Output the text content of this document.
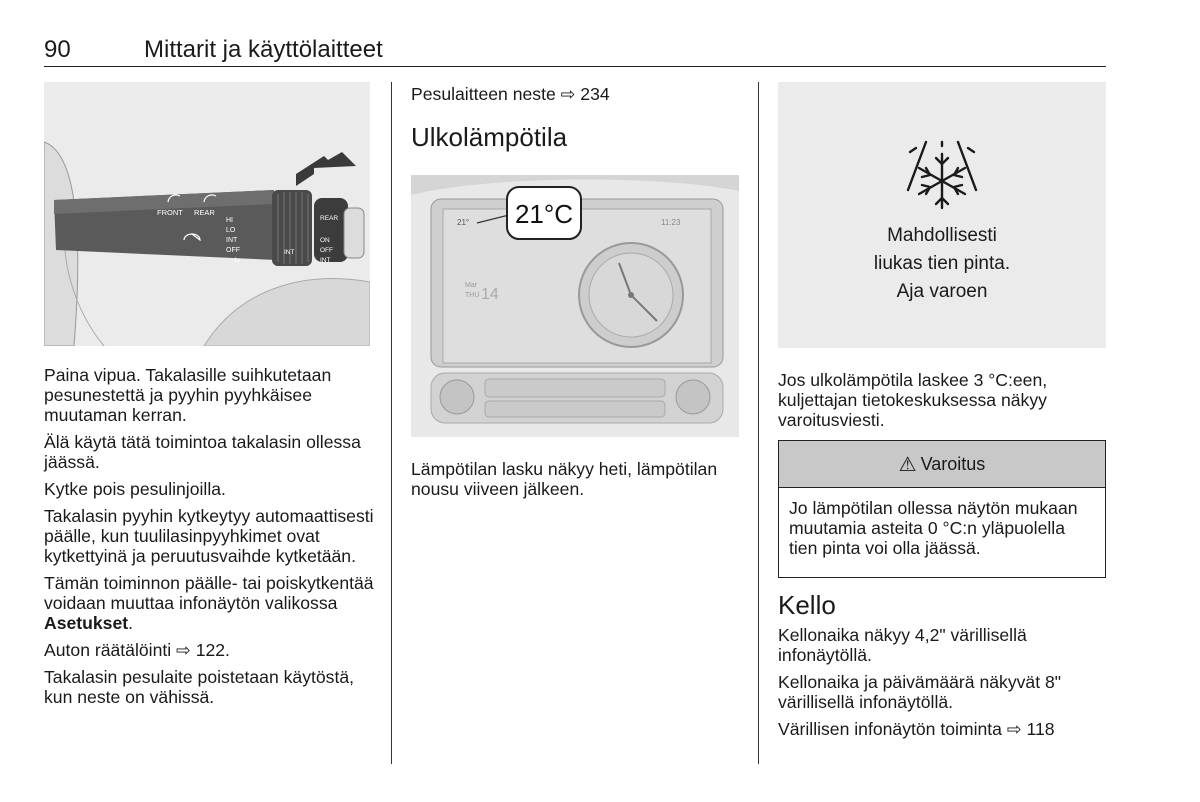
90	Mittarit ja käyttölaitteet
FRONT REAR
HI
LO
INT
OFF
1x
INT
REAR
ON
OFF
INT

Paina vipua. Takalasille suihkutetaan pesunestettä ja pyyhin pyyhkäisee muutaman kerran.

Älä käytä tätä toimintoa takalasin ollessa jäässä.

Kytke pois pesulinjoilla.

Takalasin pyyhin kytkeytyy automaattisesti päälle, kun tuulilasinpyyhkimet ovat kytkettyinä ja peruutusvaihde kytketään.

Tämän toiminnon päälle- tai poiskytkentää voidaan muuttaa infonäytön valikossa Asetukset.

Auton räätälöinti ⇨ 122.

Takalasin pesulaite poistetaan käytöstä, kun neste on vähissä.

Pesulaitteen neste ⇨ 234

Ulkolämpötila
21°	11:23
Mar
THU 14
21°C

Lämpötilan lasku näkyy heti, lämpötilan nousu viiveen jälkeen.

Mahdollisesti
liukas tien pinta.
Aja varoen

Jos ulkolämpötila laskee 3 °C:een, kuljettajan tietokeskuksessa näkyy varoitusviesti.

⚠ Varoitus

Jo lämpötilan ollessa näytön mukaan muutamia asteita 0 °C:n yläpuolella tien pinta voi olla jäässä.

Kello

Kellonaika näkyy 4,2" värillisellä infonäytöllä.

Kellonaika ja päivämäärä näkyvät 8" värillisellä infonäytöllä.

Värillisen infonäytön toiminta ⇨ 118
